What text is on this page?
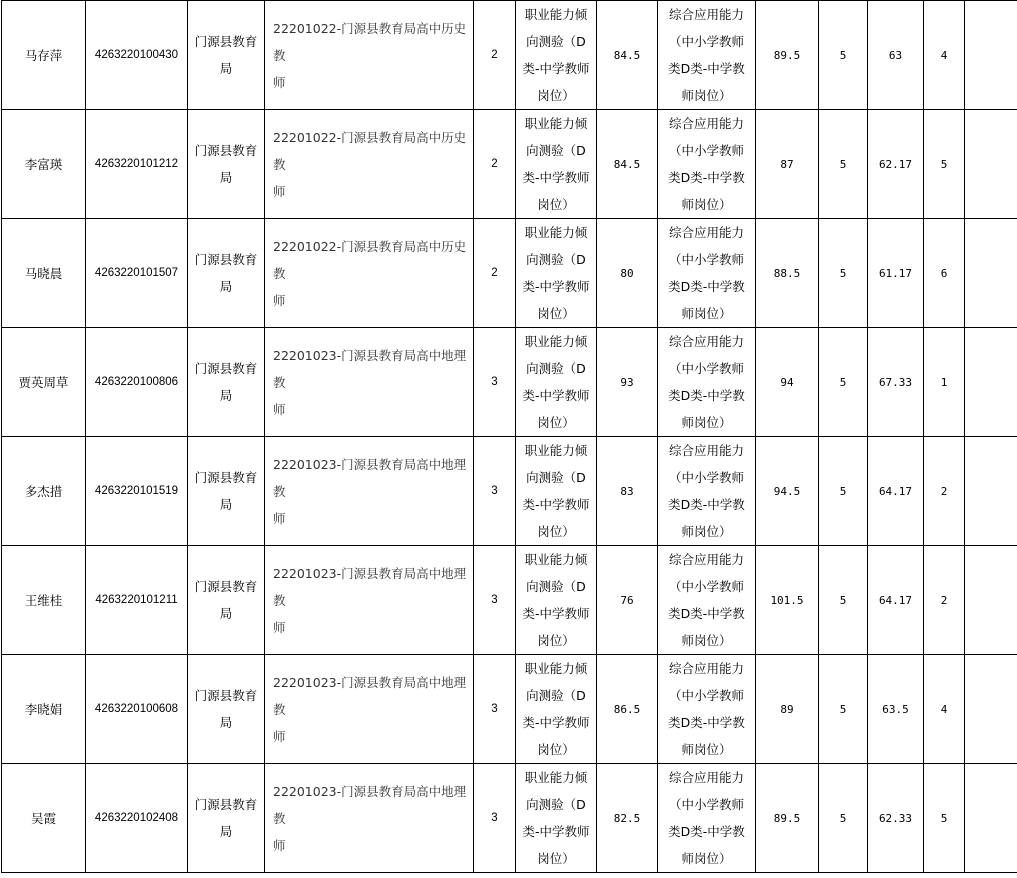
马存萍	4263220100430	门源县教育
局	22201022-门源县教育局高中历史教
师	2	职业能力倾
向测验（D
类-中学教师
岗位）	84.5	综合应用能力
（中小学教师
类D类-中学教
师岗位）	89.5	5	63	4	
李富瑛	4263220101212	门源县教育
局	22201022-门源县教育局高中历史教
师	2	职业能力倾
向测验（D
类-中学教师
岗位）	84.5	综合应用能力
（中小学教师
类D类-中学教
师岗位）	87	5	62.17	5	
马晓晨	4263220101507	门源县教育
局	22201022-门源县教育局高中历史教
师	2	职业能力倾
向测验（D
类-中学教师
岗位）	80	综合应用能力
（中小学教师
类D类-中学教
师岗位）	88.5	5	61.17	6	
贾英周草	4263220100806	门源县教育
局	22201023-门源县教育局高中地理教
师	3	职业能力倾
向测验（D
类-中学教师
岗位）	93	综合应用能力
（中小学教师
类D类-中学教
师岗位）	94	5	67.33	1	
多杰措	4263220101519	门源县教育
局	22201023-门源县教育局高中地理教
师	3	职业能力倾
向测验（D
类-中学教师
岗位）	83	综合应用能力
（中小学教师
类D类-中学教
师岗位）	94.5	5	64.17	2	
王维桂	4263220101211	门源县教育
局	22201023-门源县教育局高中地理教
师	3	职业能力倾
向测验（D
类-中学教师
岗位）	76	综合应用能力
（中小学教师
类D类-中学教
师岗位）	101.5	5	64.17	2	
李晓娟	4263220100608	门源县教育
局	22201023-门源县教育局高中地理教
师	3	职业能力倾
向测验（D
类-中学教师
岗位）	86.5	综合应用能力
（中小学教师
类D类-中学教
师岗位）	89	5	63.5	4	
吴霞	4263220102408	门源县教育
局	22201023-门源县教育局高中地理教
师	3	职业能力倾
向测验（D
类-中学教师
岗位）	82.5	综合应用能力
（中小学教师
类D类-中学教
师岗位）	89.5	5	62.33	5	
